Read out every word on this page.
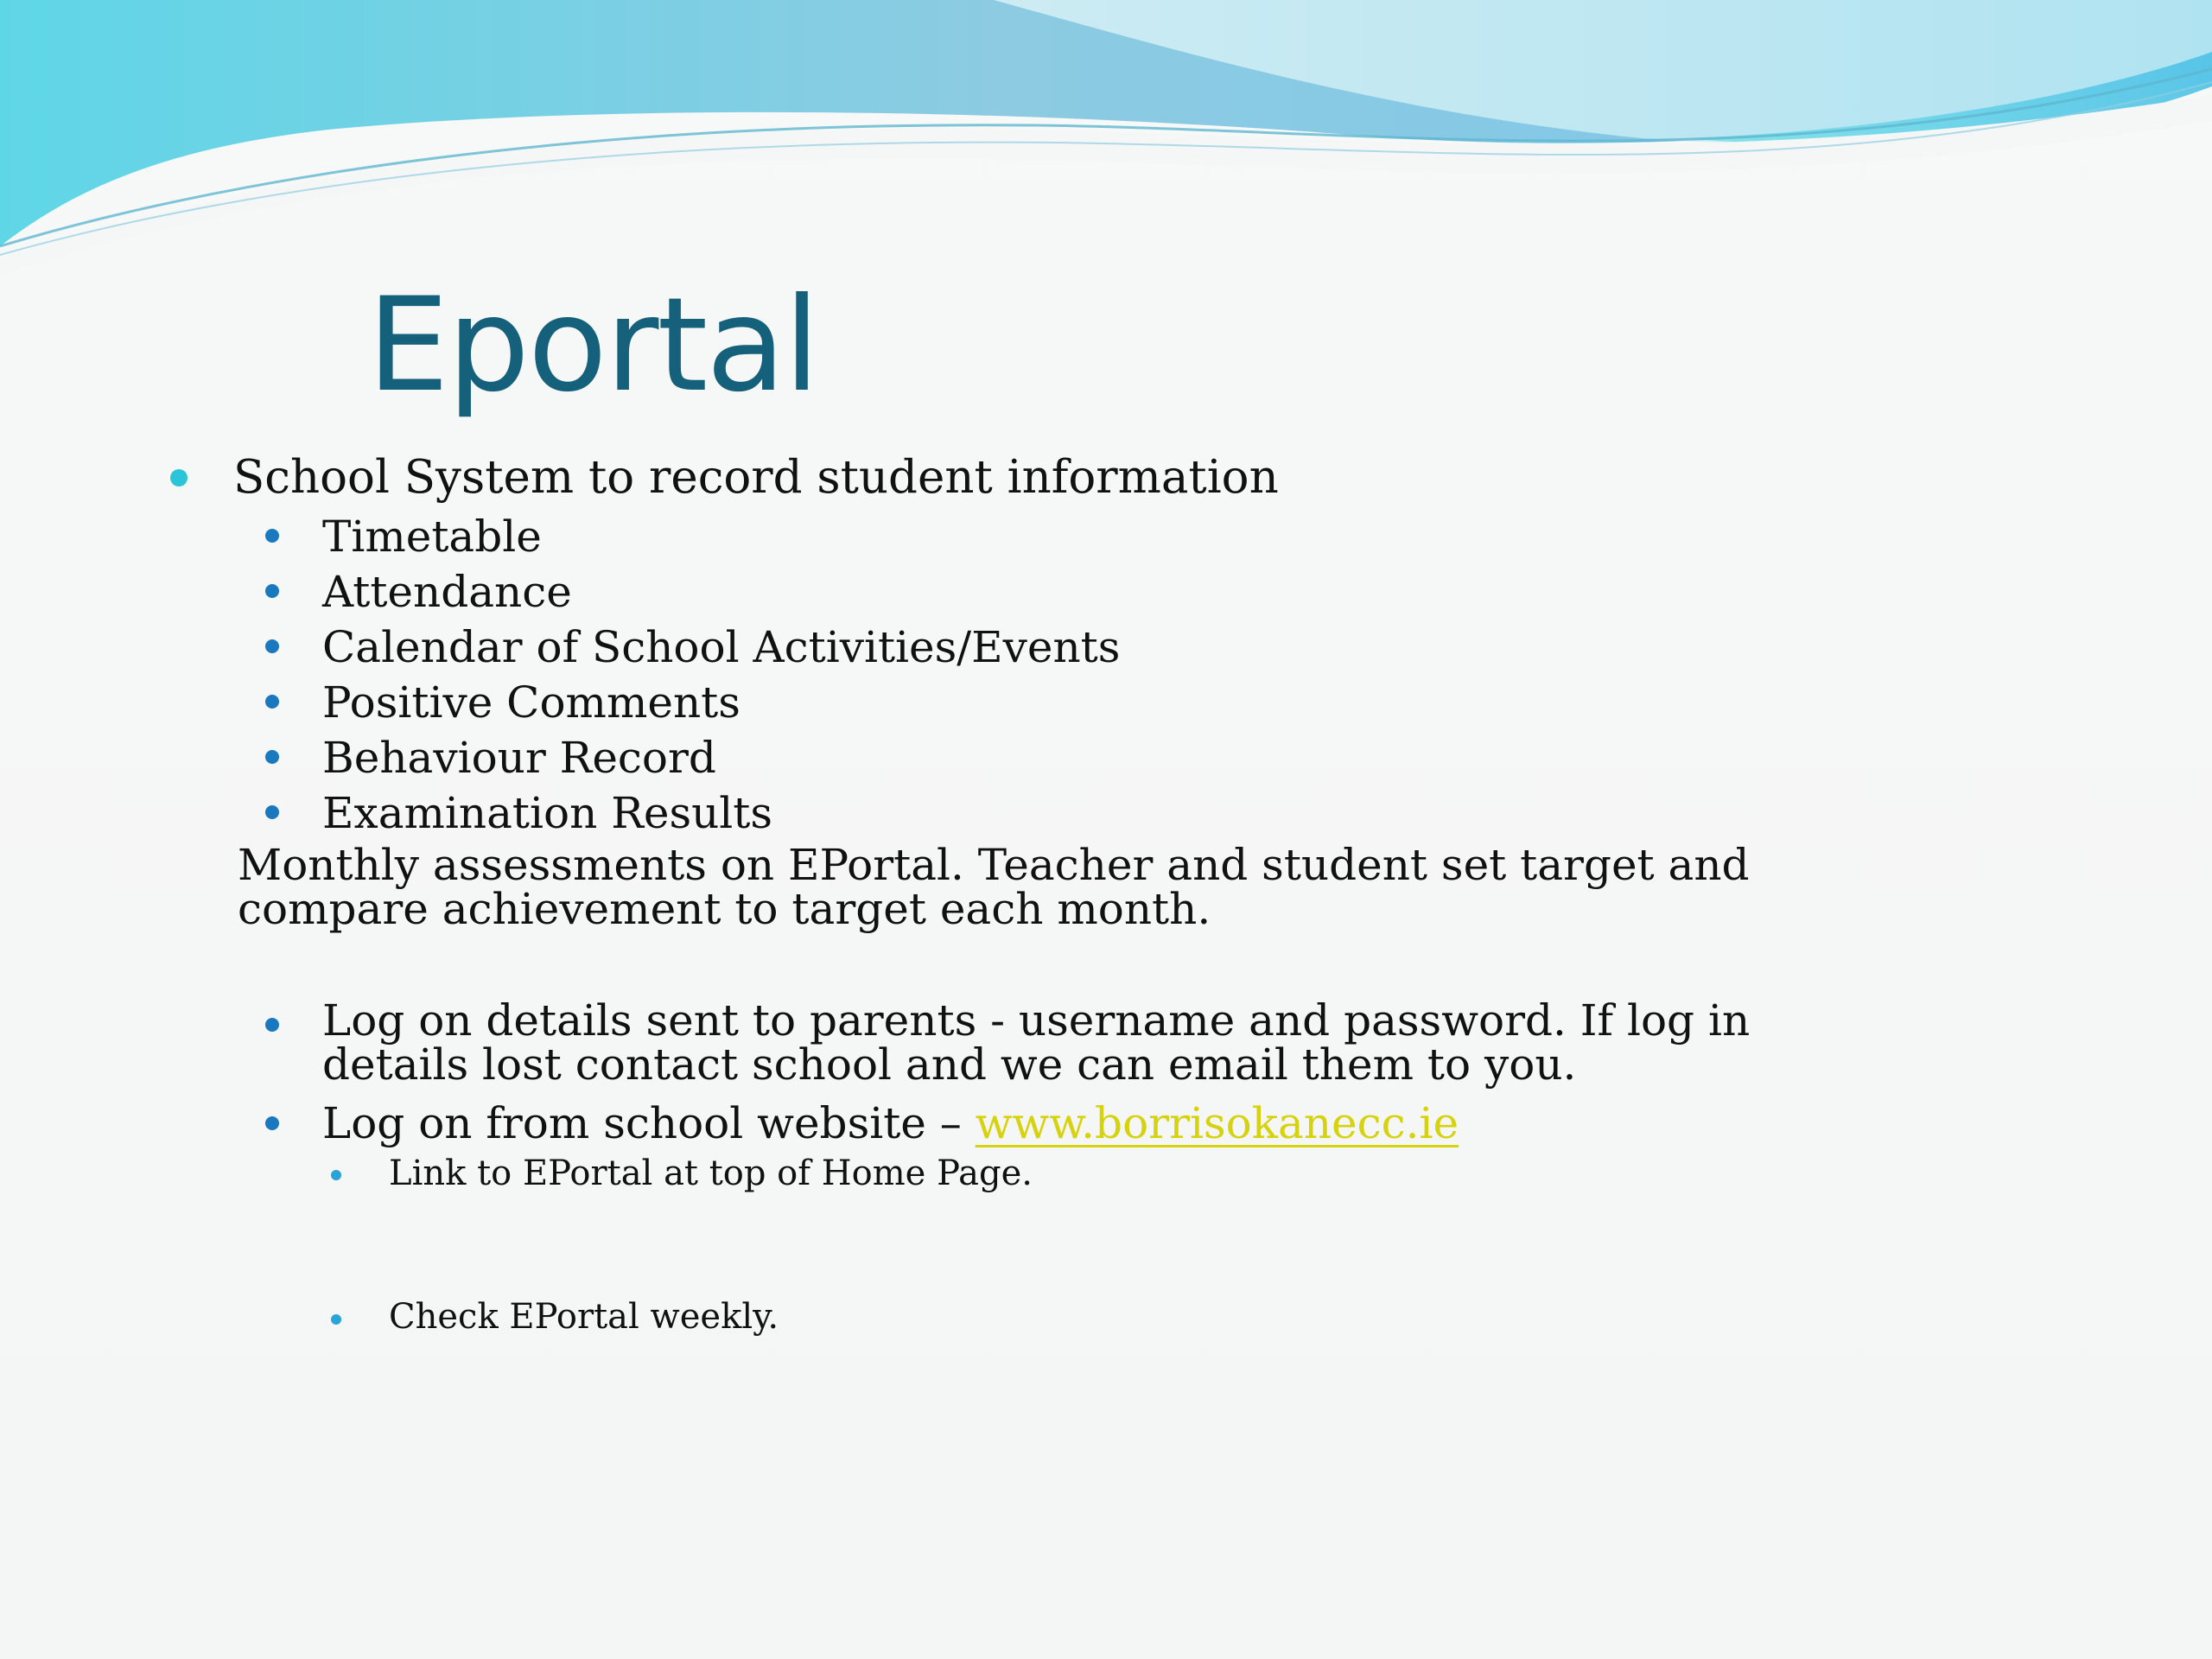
Eportal
School System to record student information
Timetable
Attendance
Calendar of School Activities/Events
Positive Comments
Behaviour Record
Examination Results
Monthly assessments on EPortal. Teacher and student set target and compare achievement to target each month.
Log on details sent to parents - username and password. If log in details lost contact school and we can email them to you.
Log on from school website – www.borrisokanecc.ie
Link to EPortal at top of Home Page.
Check EPortal weekly.
